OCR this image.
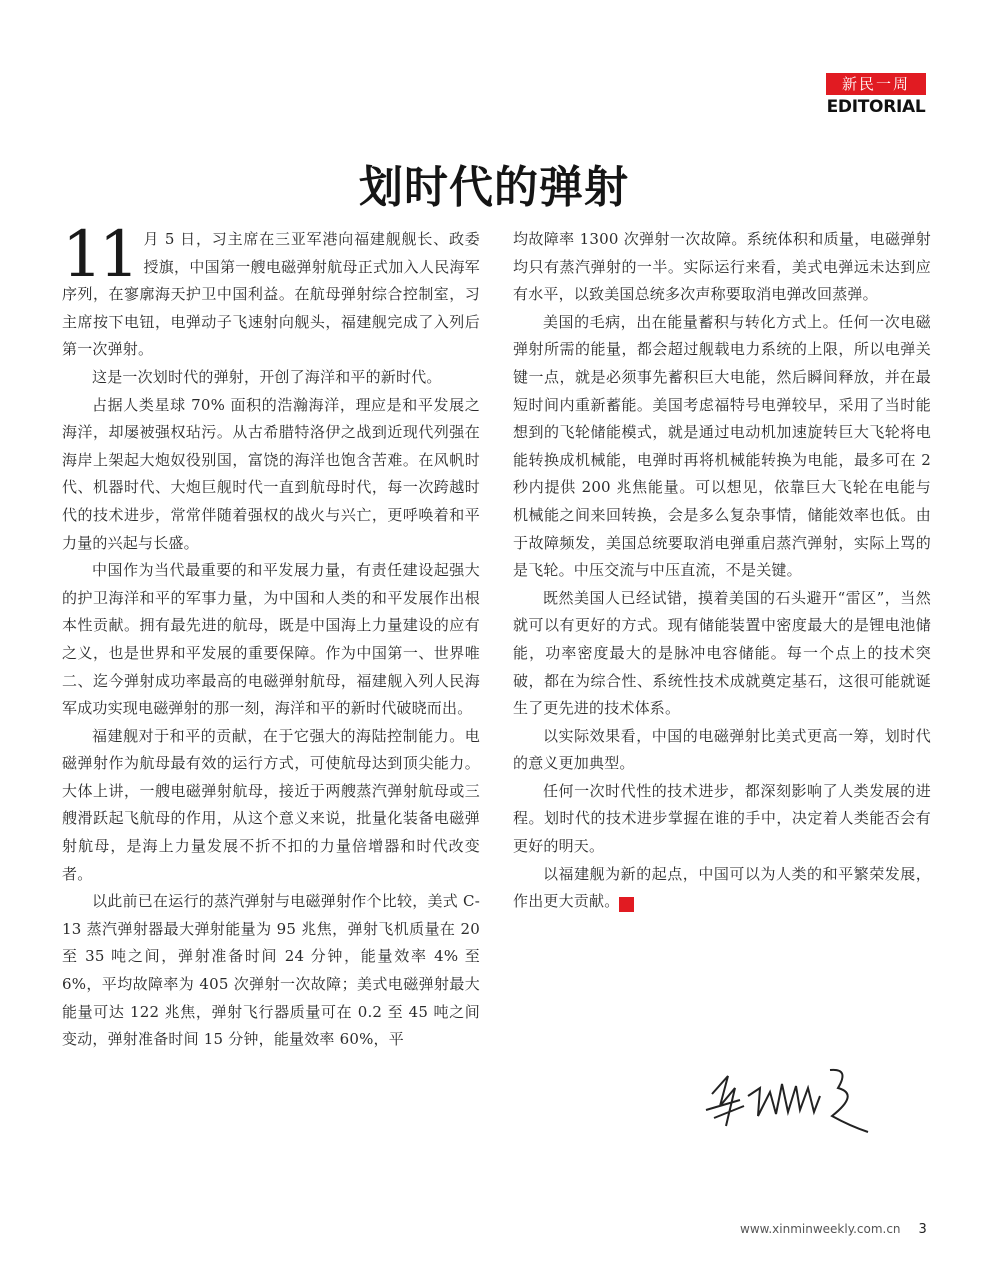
新民一周
EDITORIAL
划时代的弹射

11 月 5 日，习主席在三亚军港向福建舰舰长、政委授旗，中国第一艘电磁弹射航母正式加入人民海军序列，在寥廓海天护卫中国利益。在航母弹射综合控制室，习主席按下电钮，电弹动子飞速射向舰头，福建舰完成了入列后第一次弹射。

这是一次划时代的弹射，开创了海洋和平的新时代。

占据人类星球 70% 面积的浩瀚海洋，理应是和平发展之海洋，却屡被强权玷污。从古希腊特洛伊之战到近现代列强在海岸上架起大炮奴役别国，富饶的海洋也饱含苦难。在风帆时代、机器时代、大炮巨舰时代一直到航母时代，每一次跨越时代的技术进步，常常伴随着强权的战火与兴亡，更呼唤着和平力量的兴起与长盛。

中国作为当代最重要的和平发展力量，有责任建设起强大的护卫海洋和平的军事力量，为中国和人类的和平发展作出根本性贡献。拥有最先进的航母，既是中国海上力量建设的应有之义，也是世界和平发展的重要保障。作为中国第一、世界唯二、迄今弹射成功率最高的电磁弹射航母，福建舰入列人民海军成功实现电磁弹射的那一刻，海洋和平的新时代破晓而出。

福建舰对于和平的贡献，在于它强大的海陆控制能力。电磁弹射作为航母最有效的运行方式，可使航母达到顶尖能力。大体上讲，一艘电磁弹射航母，接近于两艘蒸汽弹射航母或三艘滑跃起飞航母的作用，从这个意义来说，批量化装备电磁弹射航母，是海上力量发展不折不扣的力量倍增器和时代改变者。

以此前已在运行的蒸汽弹射与电磁弹射作个比较，美式 C-13 蒸汽弹射器最大弹射能量为 95 兆焦，弹射飞机质量在 20 至 35 吨之间，弹射准备时间 24 分钟，能量效率 4% 至 6%，平均故障率为 405 次弹射一次故障；美式电磁弹射最大能量可达 122 兆焦，弹射飞行器质量可在 0.2 至 45 吨之间变动，弹射准备时间 15 分钟，能量效率 60%，平

均故障率 1300 次弹射一次故障。系统体积和质量，电磁弹射均只有蒸汽弹射的一半。实际运行来看，美式电弹远未达到应有水平，以致美国总统多次声称要取消电弹改回蒸弹。

美国的毛病，出在能量蓄积与转化方式上。任何一次电磁弹射所需的能量，都会超过舰载电力系统的上限，所以电弹关键一点，就是必须事先蓄积巨大电能，然后瞬间释放，并在最短时间内重新蓄能。美国考虑福特号电弹较早，采用了当时能想到的飞轮储能模式，就是通过电动机加速旋转巨大飞轮将电能转换成机械能，电弹时再将机械能转换为电能，最多可在 2 秒内提供 200 兆焦能量。可以想见，依靠巨大飞轮在电能与机械能之间来回转换，会是多么复杂事情，储能效率也低。由于故障频发，美国总统要取消电弹重启蒸汽弹射，实际上骂的是飞轮。中压交流与中压直流，不是关键。

既然美国人已经试错，摸着美国的石头避开“雷区”，当然就可以有更好的方式。现有储能装置中密度最大的是锂电池储能，功率密度最大的是脉冲电容储能。每一个点上的技术突破，都在为综合性、系统性技术成就奠定基石，这很可能就诞生了更先进的技术体系。

以实际效果看，中国的电磁弹射比美式更高一筹，划时代的意义更加典型。

任何一次时代性的技术进步，都深刻影响了人类发展的进程。划时代的技术进步掌握在谁的手中，决定着人类能否会有更好的明天。

以福建舰为新的起点，中国可以为人类的和平繁荣发展，作出更大贡献。	民

www.xinminweekly.com.cn 3
